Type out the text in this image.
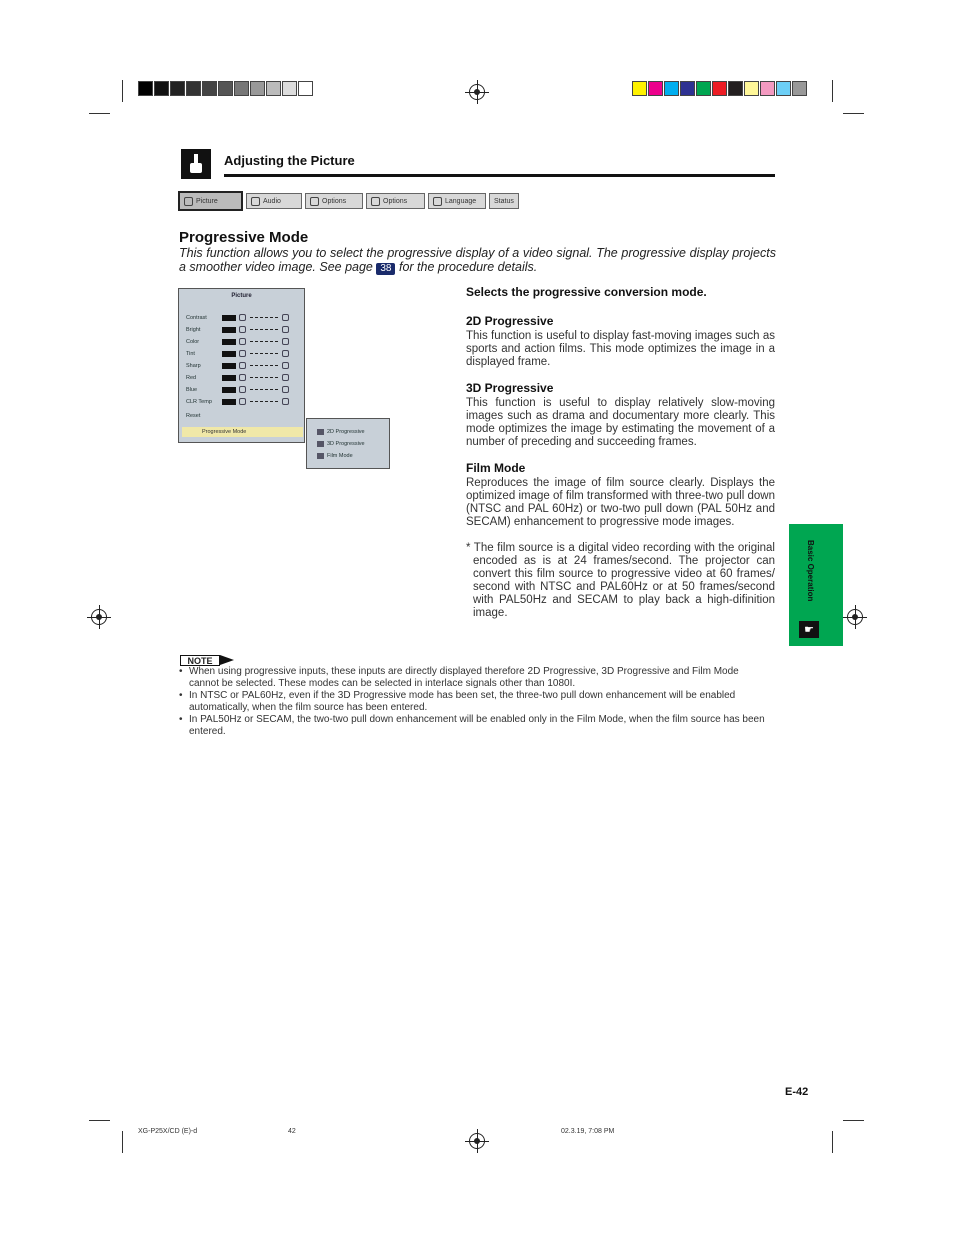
Adjusting the Picture
Picture	Audio	Options	Options	Language	Status
Progressive Mode
This function allows you to select the progressive display of a video signal. The progressive display projects a smoother video image. See page 38 for the procedure details.
Picture
Contrast
Bright
Color
Tint
Sharp
Red
Blue
CLR Temp
Reset
Progressive Mode	2D Progressive
3D Progressive
Film Mode
Selects the progressive conversion mode.
2D Progressive
This function is useful to display fast-moving images such as sports and action films. This mode optimizes the image in a displayed frame.
3D Progressive
This function is useful to display relatively slow-moving images such as drama and documentary more clearly. This mode optimizes the image by estimating the movement of a number of preceding and succeeding frames.
Film Mode
Reproduces the image of film source clearly. Displays the optimized image of film transformed with three-two pull down (NTSC and PAL 60Hz) or two-two pull down (PAL 50Hz and SECAM) enhancement to progressive mode images.
* The film source is a digital video recording with the original encoded as is at 24 frames/second. The projector can convert this film source to progressive video at 60 frames/ second with NTSC and PAL60Hz or at 50 frames/second with PAL50Hz and SECAM to play back a high-difinition image.
Basic Operation
☛
NOTE
• When using progressive inputs, these inputs are directly displayed therefore 2D Progressive, 3D Progressive and Film Mode cannot be selected. These modes can be selected in interlace signals other than 1080I.
• In NTSC or PAL60Hz, even if the 3D Progressive mode has been set, the three-two pull down enhancement will be enabled automatically, when the film source has been entered.
• In PAL50Hz or SECAM, the two-two pull down enhancement will be enabled only in the Film Mode, when the film source has been entered.
E-42
XG-P25X/CD (E)-d	42	02.3.19, 7:08 PM
